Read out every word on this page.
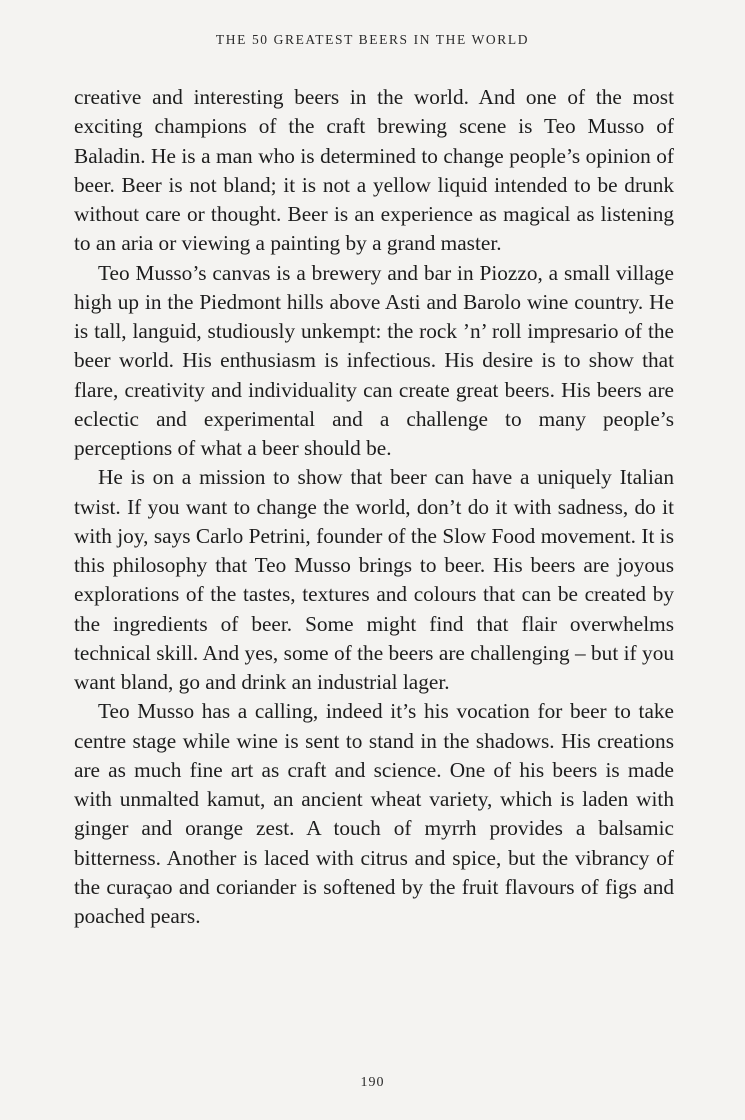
THE 50 GREATEST BEERS IN THE WORLD

creative and interesting beers in the world. And one of the most exciting champions of the craft brewing scene is Teo Musso of Baladin. He is a man who is determined to change people’s opinion of beer. Beer is not bland; it is not a yellow liquid intended to be drunk without care or thought. Beer is an experience as magical as listening to an aria or viewing a painting by a grand master.

Teo Musso’s canvas is a brewery and bar in Piozzo, a small village high up in the Piedmont hills above Asti and Barolo wine country. He is tall, languid, studiously unkempt: the rock ’n’ roll impresario of the beer world. His enthusiasm is infectious. His desire is to show that flare, creativity and individuality can create great beers. His beers are eclectic and experimental and a challenge to many people’s perceptions of what a beer should be.

He is on a mission to show that beer can have a uniquely Italian twist. If you want to change the world, don’t do it with sadness, do it with joy, says Carlo Petrini, founder of the Slow Food movement. It is this philosophy that Teo Musso brings to beer. His beers are joyous explorations of the tastes, textures and colours that can be created by the ingredients of beer. Some might find that flair overwhelms technical skill. And yes, some of the beers are challenging – but if you want bland, go and drink an industrial lager.

Teo Musso has a calling, indeed it’s his vocation for beer to take centre stage while wine is sent to stand in the shadows. His creations are as much fine art as craft and science. One of his beers is made with unmalted kamut, an ancient wheat variety, which is laden with ginger and orange zest. A touch of myrrh provides a balsamic bitterness. Another is laced with citrus and spice, but the vibrancy of the curaçao and coriander is softened by the fruit flavours of figs and poached pears.

190
